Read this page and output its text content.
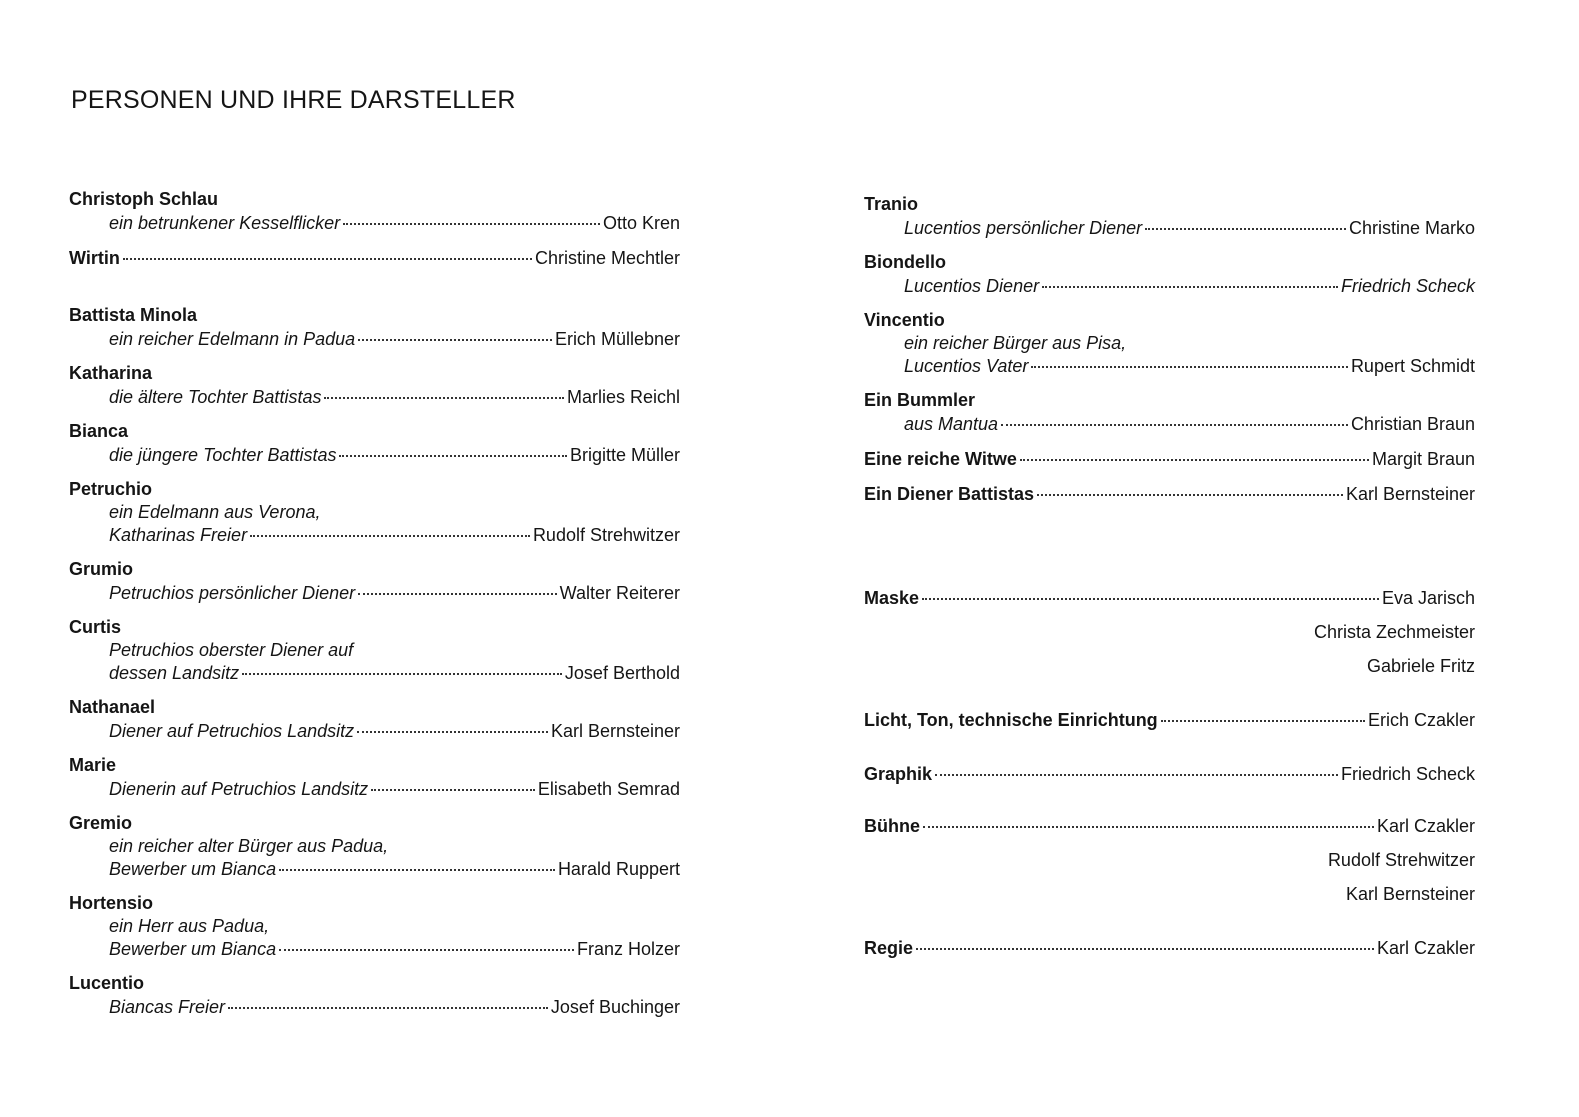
PERSONEN UND IHRE DARSTELLER
Christoph Schlau
ein betrunkener Kesselflicker	Otto Kren
Wirtin	Christine Mechtler
Battista Minola
ein reicher Edelmann in Padua	Erich Müllebner
Katharina
die ältere Tochter Battistas	Marlies Reichl
Bianca
die jüngere Tochter Battistas	Brigitte Müller
Petruchio
ein Edelmann aus Verona,
Katharinas Freier	Rudolf Strehwitzer
Grumio
Petruchios persönlicher Diener	Walter Reiterer
Curtis
Petruchios oberster Diener auf
dessen Landsitz	Josef Berthold
Nathanael
Diener auf Petruchios Landsitz	Karl Bernsteiner
Marie
Dienerin auf Petruchios Landsitz	Elisabeth Semrad
Gremio
ein reicher alter Bürger aus Padua,
Bewerber um Bianca	Harald Ruppert
Hortensio
ein Herr aus Padua,
Bewerber um Bianca	Franz Holzer
Lucentio
Biancas Freier	Josef Buchinger
Tranio
Lucentios persönlicher Diener	Christine Marko
Biondello
Lucentios Diener	Friedrich Scheck
Vincentio
ein reicher Bürger aus Pisa,
Lucentios Vater	Rupert Schmidt
Ein Bummler
aus Mantua	Christian Braun
Eine reiche Witwe	Margit Braun
Ein Diener Battistas	Karl Bernsteiner
Maske	Eva Jarisch
Christa Zechmeister
Gabriele Fritz
Licht, Ton, technische Einrichtung	Erich Czakler
Graphik	Friedrich Scheck
Bühne	Karl Czakler
Rudolf Strehwitzer
Karl Bernsteiner
Regie	Karl Czakler
